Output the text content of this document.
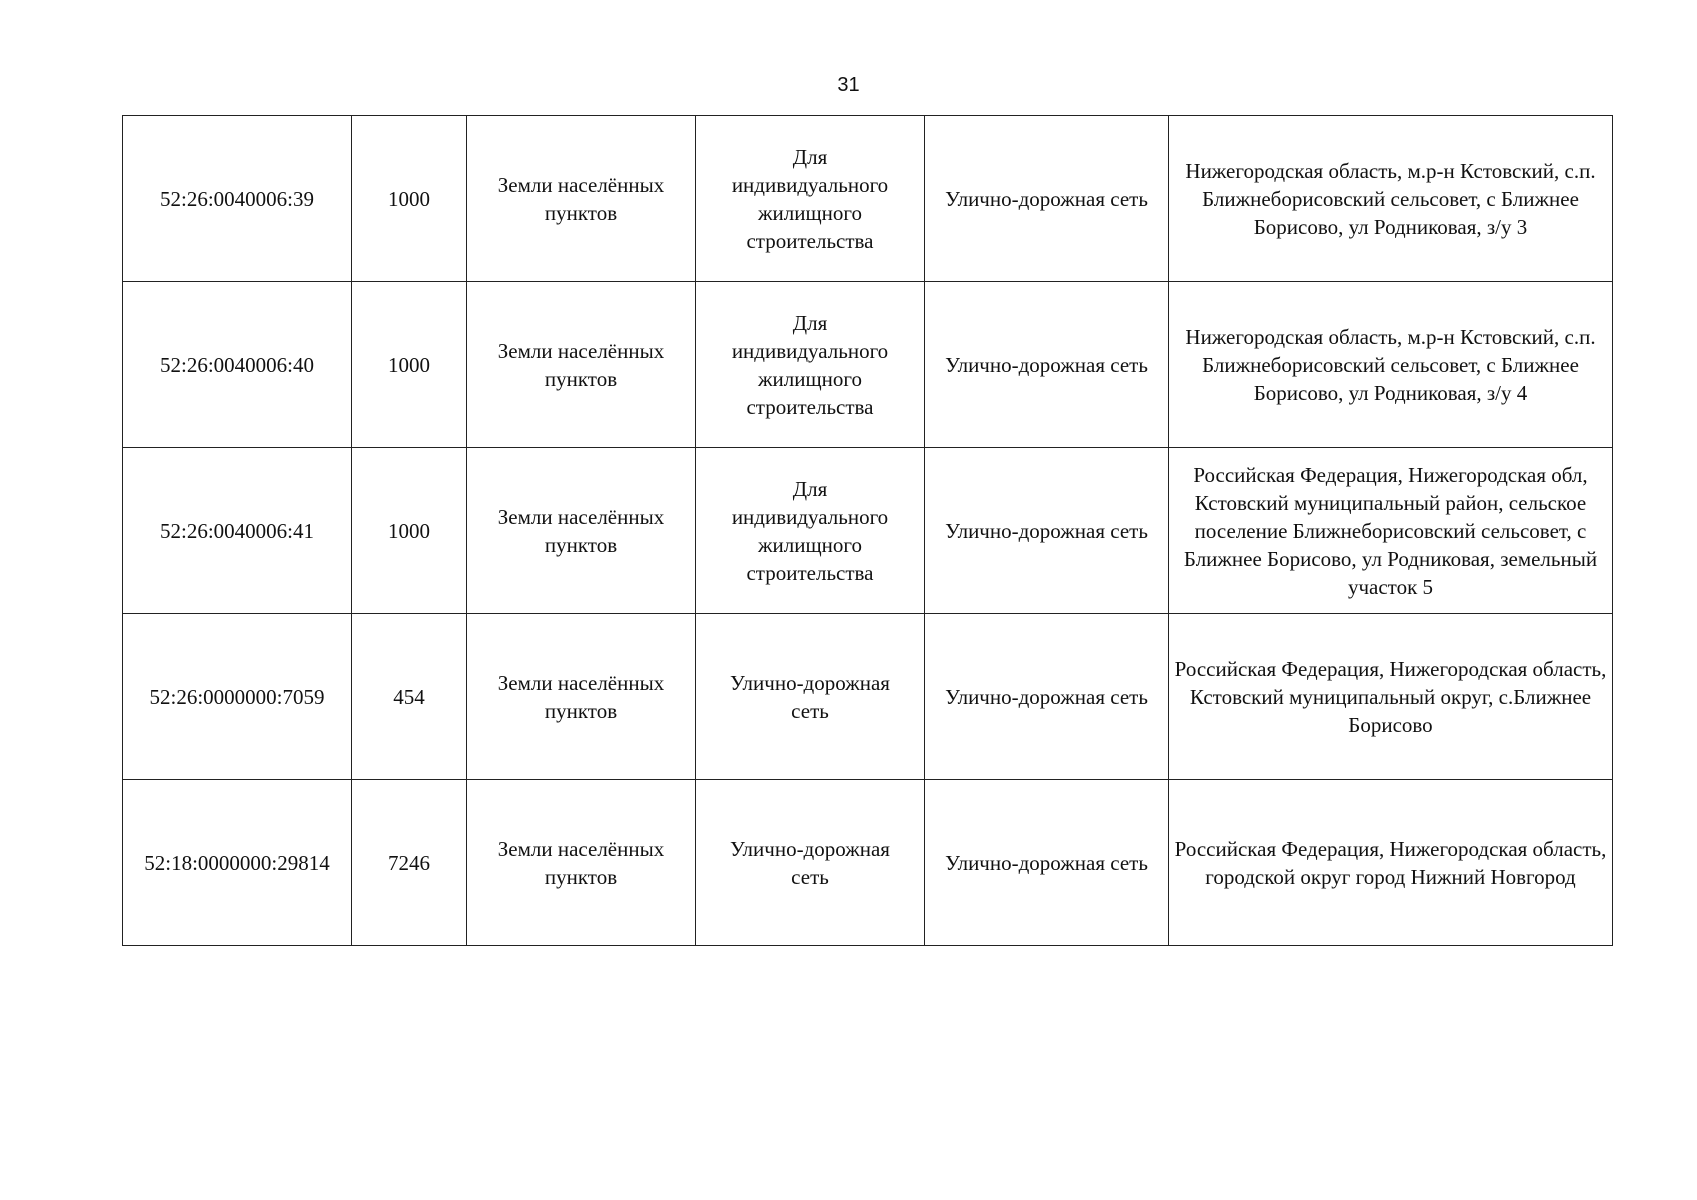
31
52:26:0040006:39	1000	Земли населённых пунктов	Для индивидуального жилищного строительства	Улично-дорожная сеть	Нижегородская область, м.р-н Кстовский, с.п. Ближнеборисовский сельсовет, с Ближнее Борисово, ул Родниковая, з/у 3
52:26:0040006:40	1000	Земли населённых пунктов	Для индивидуального жилищного строительства	Улично-дорожная сеть	Нижегородская область, м.р-н Кстовский, с.п. Ближнеборисовский сельсовет, с Ближнее Борисово, ул Родниковая, з/у 4
52:26:0040006:41	1000	Земли населённых пунктов	Для индивидуального жилищного строительства	Улично-дорожная сеть	Российская Федерация, Нижегородская обл, Кстовский муниципальный район, сельское поселение Ближнеборисовский сельсовет, с Ближнее Борисово, ул Родниковая, земельный участок 5
52:26:0000000:7059	454	Земли населённых пунктов	Улично-дорожная сеть	Улично-дорожная сеть	Российская Федерация, Нижегородская область, Кстовский муниципальный округ, с.Ближнее Борисово
52:18:0000000:29814	7246	Земли населённых пунктов	Улично-дорожная сеть	Улично-дорожная сеть	Российская Федерация, Нижегородская область, городской округ город Нижний Новгород
